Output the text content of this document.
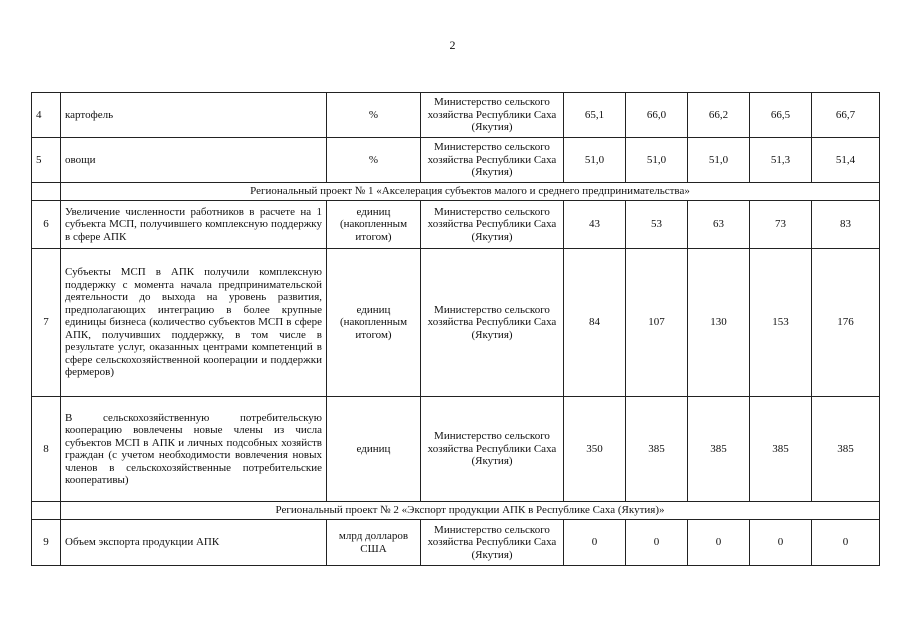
2
4	картофель	%	Министерство сельского хозяйства Республики Саха (Якутия)	65,1	66,0	66,2	66,5	66,7
5	овощи	%	Министерство сельского хозяйства Республики Саха (Якутия)	51,0	51,0	51,0	51,3	51,4
	Региональный проект № 1 «Акселерация субъектов малого и среднего предпринимательства»							
6	Увеличение численности работников в расчете на 1 субъекта МСП, получившего комплексную поддержку в сфере АПК	единиц (накопленным итогом)	Министерство сельского хозяйства Республики Саха (Якутия)	43	53	63	73	83
7	Субъекты МСП в АПК получили комплексную поддержку с момента начала предпринимательской деятельности до выхода на уровень развития, предполагающих интеграцию в более крупные единицы бизнеса (количество субъектов МСП в сфере АПК, получивших поддержку, в том числе в результате услуг, оказанных центрами компетенций в сфере сельскохозяйственной кооперации и поддержки фермеров)	единиц (накопленным итогом)	Министерство сельского хозяйства Республики Саха (Якутия)	84	107	130	153	176
8	В сельскохозяйственную потребительскую кооперацию вовлечены новые члены из числа субъектов МСП в АПК и личных подсобных хозяйств граждан (с учетом необходимости вовлечения новых членов в сельскохозяйственные потребительские кооперативы)	единиц	Министерство сельского хозяйства Республики Саха (Якутия)	350	385	385	385	385
	Региональный проект № 2 «Экспорт продукции АПК в Республике Саха (Якутия)»							
9	Объем экспорта продукции АПК	млрд долларов США	Министерство сельского хозяйства Республики Саха (Якутия)	0	0	0	0	0
